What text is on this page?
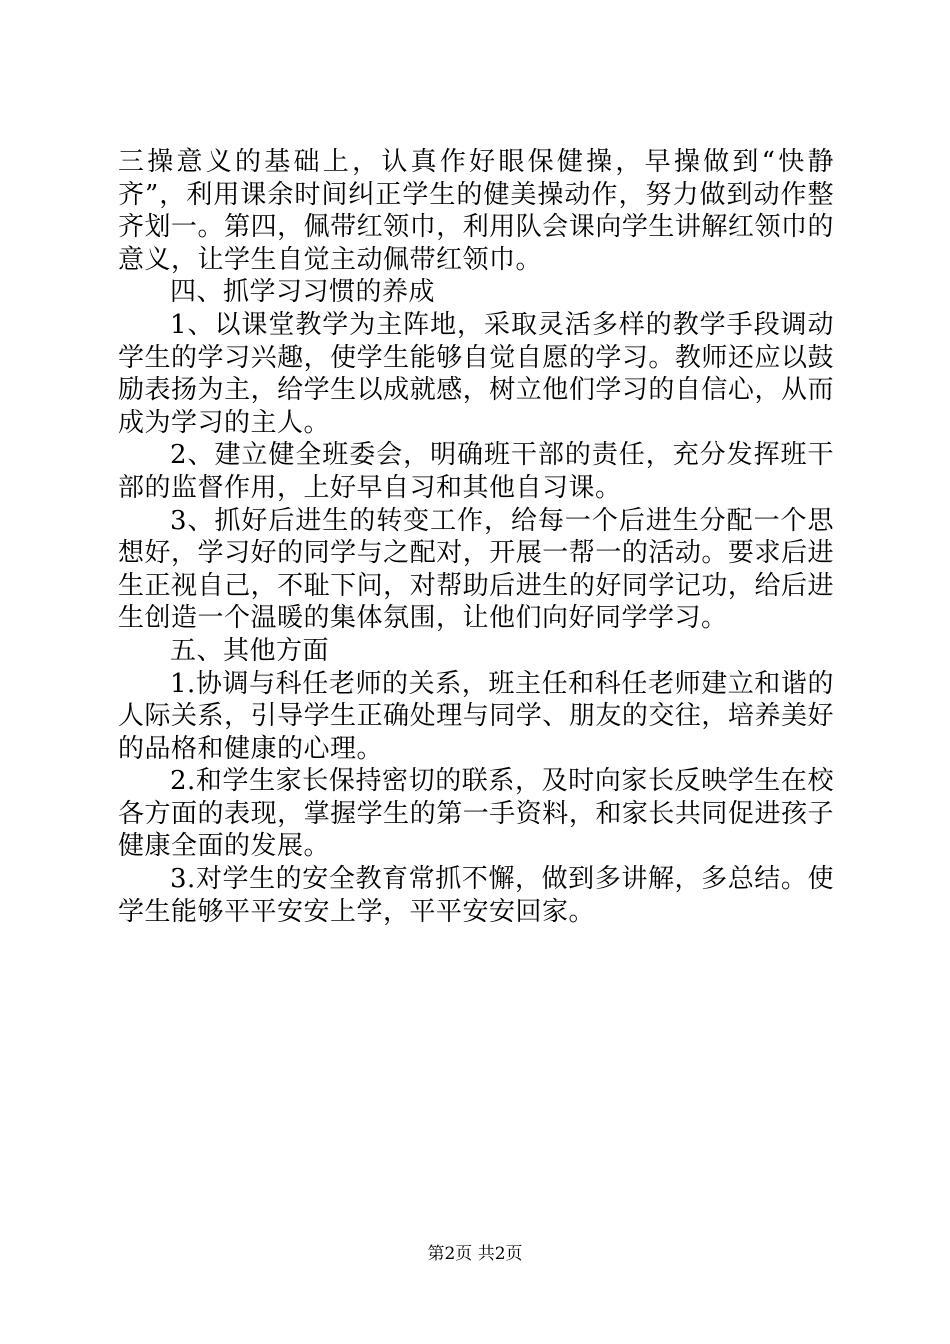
三操意义的基础上，认真作好眼保健操，早操做到“快静齐”，利用课余时间纠正学生的健美操动作，努力做到动作整齐划一。第四，佩带红领巾，利用队会课向学生讲解红领巾的意义，让学生自觉主动佩带红领巾。

四、抓学习习惯的养成

1、以课堂教学为主阵地，采取灵活多样的教学手段调动学生的学习兴趣，使学生能够自觉自愿的学习。教师还应以鼓励表扬为主，给学生以成就感，树立他们学习的自信心，从而成为学习的主人。

2、建立健全班委会，明确班干部的责任，充分发挥班干部的监督作用，上好早自习和其他自习课。

3、抓好后进生的转变工作，给每一个后进生分配一个思想好，学习好的同学与之配对，开展一帮一的活动。要求后进生正视自己，不耻下问，对帮助后进生的好同学记功，给后进生创造一个温暖的集体氛围，让他们向好同学学习。

五、其他方面

1.协调与科任老师的关系，班主任和科任老师建立和谐的人际关系，引导学生正确处理与同学、朋友的交往，培养美好的品格和健康的心理。

2.和学生家长保持密切的联系，及时向家长反映学生在校各方面的表现，掌握学生的第一手资料，和家长共同促进孩子健康全面的发展。

3.对学生的安全教育常抓不懈，做到多讲解，多总结。使学生能够平平安安上学，平平安安回家。

第2页 共2页
